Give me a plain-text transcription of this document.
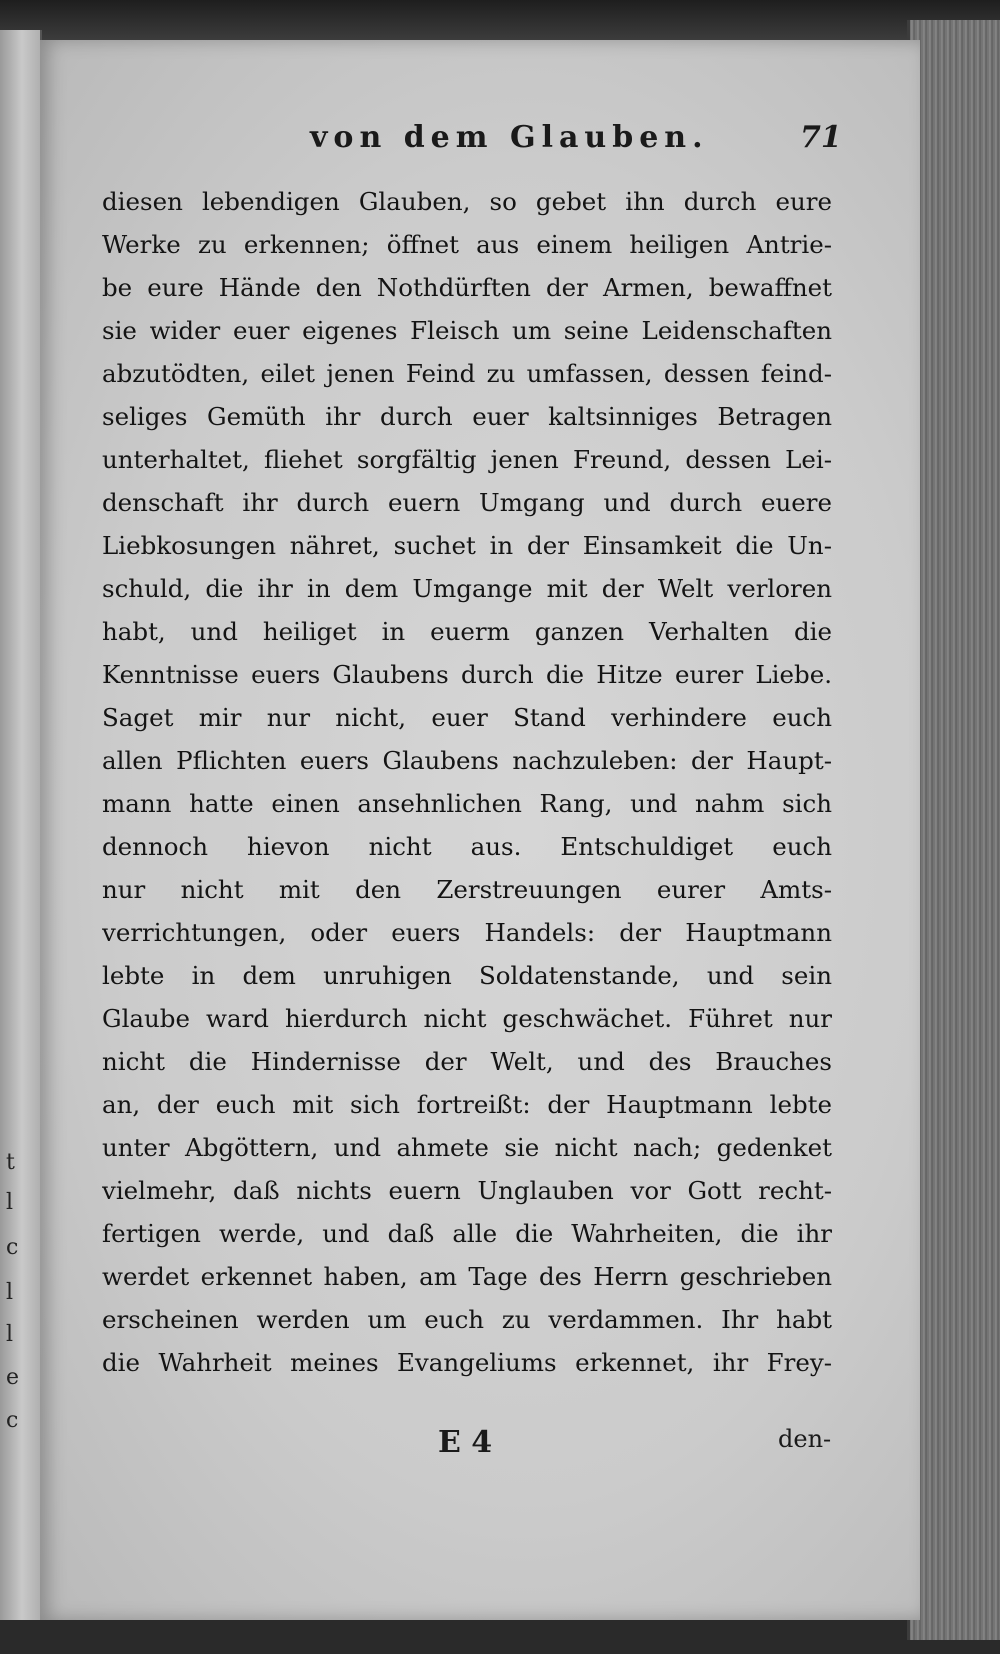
t
l
c
l
l
e
c
von dem Glauben.	71
diesen lebendigen Glauben, so gebet ihn durch eure
Werke zu erkennen; öffnet aus einem heiligen Antrie-
be eure Hände den Nothdürften der Armen, bewaffnet
sie wider euer eigenes Fleisch um seine Leidenschaften
abzutödten, eilet jenen Feind zu umfassen, dessen feind-
seliges Gemüth ihr durch euer kaltsinniges Betragen
unterhaltet, fliehet sorgfältig jenen Freund, dessen Lei-
denschaft ihr durch euern Umgang und durch euere
Liebkosungen nähret, suchet in der Einsamkeit die Un-
schuld, die ihr in dem Umgange mit der Welt verloren
habt, und heiliget in euerm ganzen Verhalten die
Kenntnisse euers Glaubens durch die Hitze eurer Liebe.
Saget mir nur nicht, euer Stand verhindere euch
allen Pflichten euers Glaubens nachzuleben: der Haupt-
mann hatte einen ansehnlichen Rang, und nahm sich
dennoch hievon nicht aus. Entschuldiget euch
nur nicht mit den Zerstreuungen eurer Amts-
verrichtungen, oder euers Handels: der Hauptmann
lebte in dem unruhigen Soldatenstande, und sein
Glaube ward hierdurch nicht geschwächet. Führet nur
nicht die Hindernisse der Welt, und des Brauches
an, der euch mit sich fortreißt: der Hauptmann lebte
unter Abgöttern, und ahmete sie nicht nach; gedenket
vielmehr, daß nichts euern Unglauben vor Gott recht-
fertigen werde, und daß alle die Wahrheiten, die ihr
werdet erkennet haben, am Tage des Herrn geschrieben
erscheinen werden um euch zu verdammen. Ihr habt
die Wahrheit meines Evangeliums erkennet, ihr Frey-
E 4	den-
